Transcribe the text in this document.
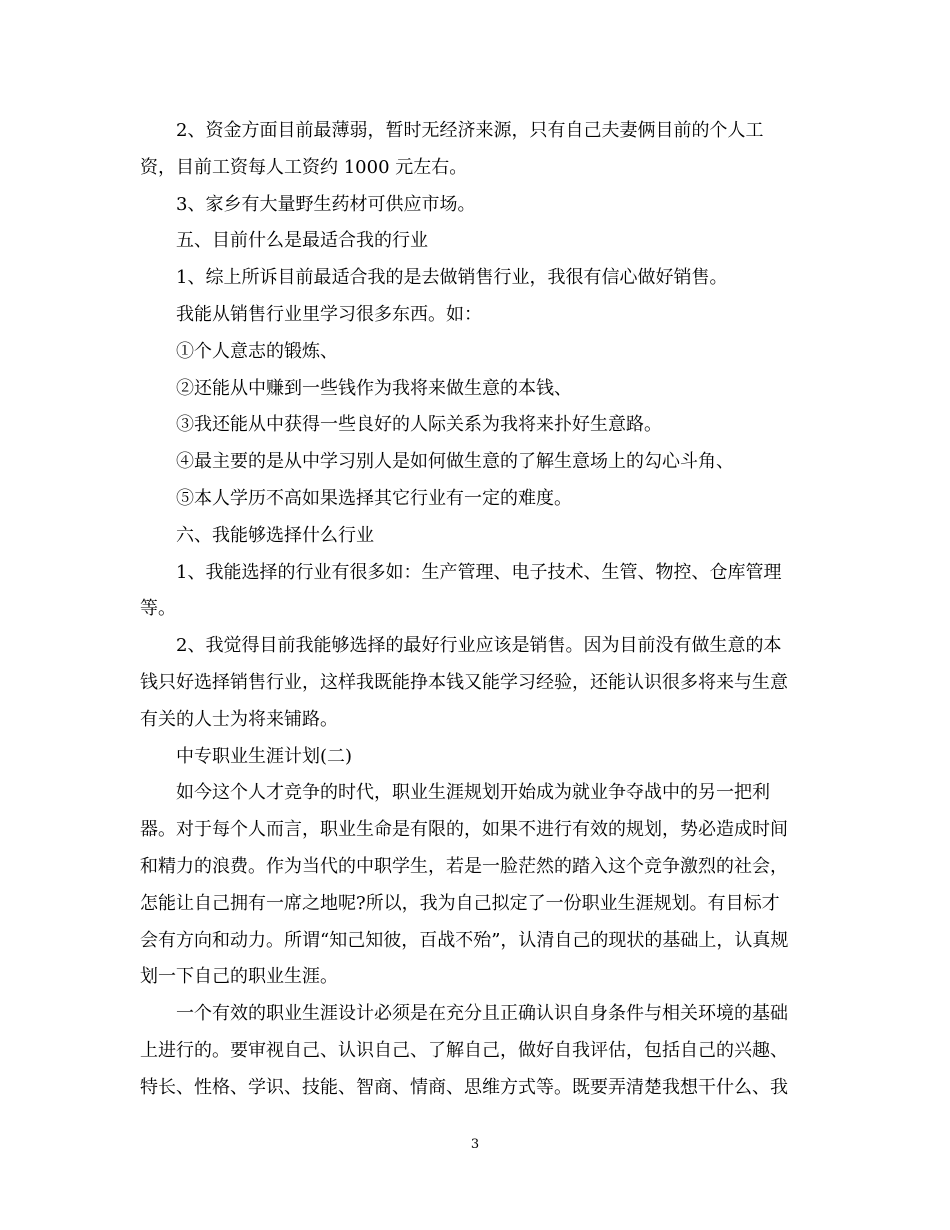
2、资金方面目前最薄弱，暂时无经济来源，只有自己夫妻俩目前的个人工
资，目前工资每人工资约 1000 元左右。

3、家乡有大量野生药材可供应市场。

五、目前什么是最适合我的行业

1、综上所诉目前最适合我的是去做销售行业，我很有信心做好销售。

我能从销售行业里学习很多东西。如：

①个人意志的锻炼、

②还能从中赚到一些钱作为我将来做生意的本钱、

③我还能从中获得一些良好的人际关系为我将来扑好生意路。

④最主要的是从中学习别人是如何做生意的了解生意场上的勾心斗角、

⑤本人学历不高如果选择其它行业有一定的难度。

六、我能够选择什么行业

1、我能选择的行业有很多如：生产管理、电子技术、生管、物控、仓库管理
等。

2、我觉得目前我能够选择的最好行业应该是销售。因为目前没有做生意的本
钱只好选择销售行业，这样我既能挣本钱又能学习经验，还能认识很多将来与生意
有关的人士为将来铺路。

中专职业生涯计划(二)

如今这个人才竞争的时代，职业生涯规划开始成为就业争夺战中的另一把利
器。对于每个人而言，职业生命是有限的，如果不进行有效的规划，势必造成时间
和精力的浪费。作为当代的中职学生，若是一脸茫然的踏入这个竞争激烈的社会，
怎能让自己拥有一席之地呢?所以，我为自己拟定了一份职业生涯规划。有目标才
会有方向和动力。所谓“知己知彼，百战不殆”，认清自己的现状的基础上，认真规
划一下自己的职业生涯。

一个有效的职业生涯设计必须是在充分且正确认识自身条件与相关环境的基础
上进行的。要审视自己、认识自己、了解自己，做好自我评估，包括自己的兴趣、
特长、性格、学识、技能、智商、情商、思维方式等。既要弄清楚我想干什么、我

3
